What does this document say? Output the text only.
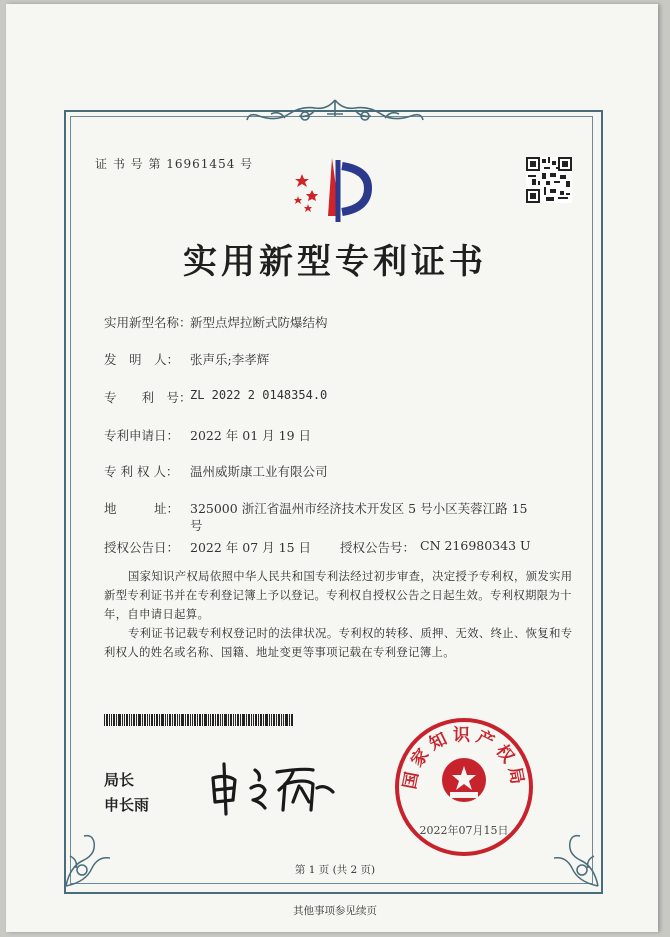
证 书 号 第 16961454 号
实用新型专利证书
实用新型名称：
新型点焊拉断式防爆结构
发　明　人： 张声乐;李孝辉
专　　利　号：
ZL 2022 2 0148354.0
专利申请日： 2022 年 01 月 19 日
专 利 权 人： 温州威斯康工业有限公司
地　　　址： 325000 浙江省温州市经济技术开发区 5 号小区芙蓉江路 15
号
授权公告日： 2022 年 07 月 15 日 授权公告号： CN 216980343 U
国家知识产权局依照中华人民共和国专利法经过初步审查，决定授予专利权，颁发实用新型专利证书并在专利登记簿上予以登记。专利权自授权公告之日起生效。专利权期限为十年，自申请日起算。
专利证书记载专利权登记时的法律状况。专利权的转移、质押、无效、终止、恢复和专利权人的姓名或名称、国籍、地址变更等事项记载在专利登记簿上。
局长
申长雨
国家知识产权局
2022年07月15日
第 1 页 (共 2 页)
其他事项参见续页
